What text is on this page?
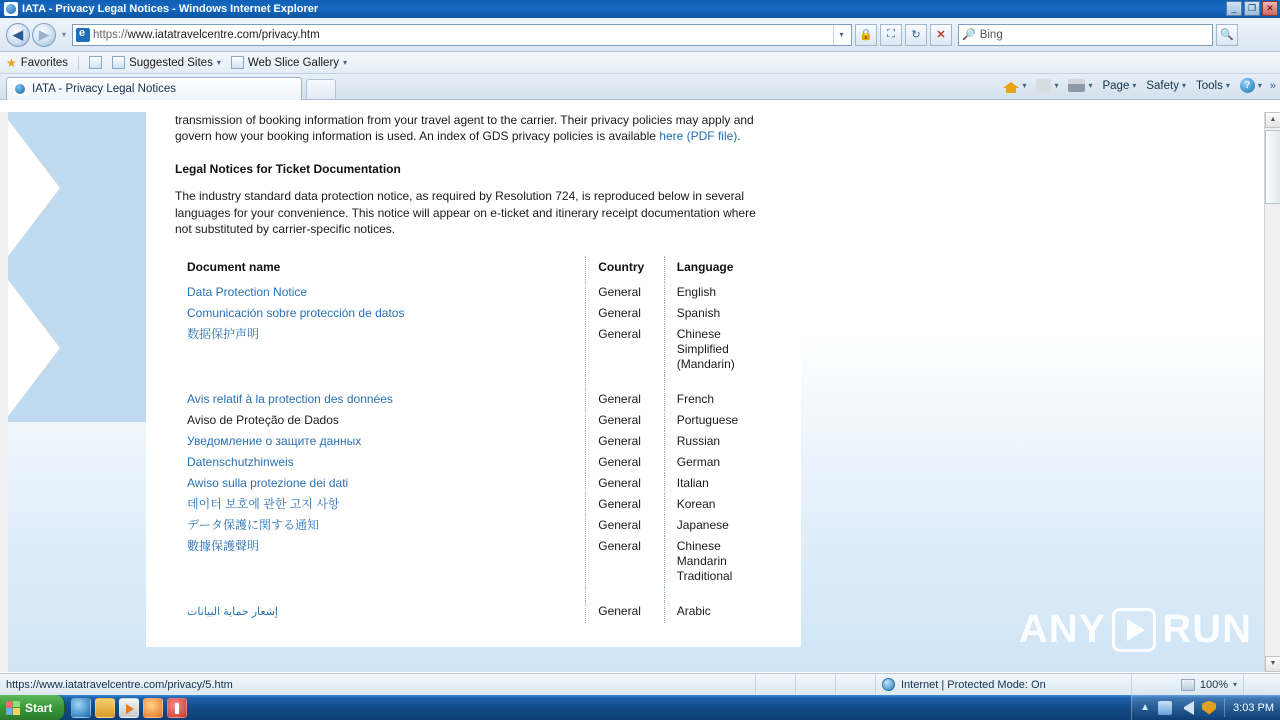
IATA - Privacy Legal Notices - Windows Internet Explorer	_	❐	✕
◀	▶	▾ e	https://www.iatatravelcentre.com/privacy.htm	▾	🔒	⛶	↻	✕	🔎 Bing	🔍
★ Favorites	Suggested Sites ▾ Web Slice Gallery ▾
IATA - Privacy Legal Notices	▾	▾	▾ Page ▾ Safety ▾ Tools ▾	? ▾ »

transmission of booking information from your travel agent to the carrier. Their privacy policies may apply and govern how your booking information is used. An index of GDS privacy policies is available here (PDF file).

Legal Notices for Ticket Documentation

The industry standard data protection notice, as required by Resolution 724, is reproduced below in several languages for your convenience. This notice will appear on e-ticket and itinerary receipt documentation where not substituted by carrier-specific notices.

Document name	Country	Language
Data Protection Notice	General	English
Comunicación sobre protección de datos	General	Spanish
数据保护声明	General	Chinese Simplified (Mandarin)

Avis relatif à la protection des données	General	French
Aviso de Proteção de Dados	General	Portuguese
Уведомление о защите данных	General	Russian
Datenschutzhinweis	General	German
Awiso sulla protezione dei dati	General	Italian
데이터 보호에 관한 고지 사항	General	Korean
データ保護に関する通知	General	Japanese
數據保護聲明	General	Chinese Mandarin Traditional

إشعار حماية البيانات	General	Arabic	ANY RUN
▲
▼
https://www.iatatravelcentre.com/privacy/5.htm	Internet | Protected Mode: On	100% ▾
Start	▲	3:03 PM
